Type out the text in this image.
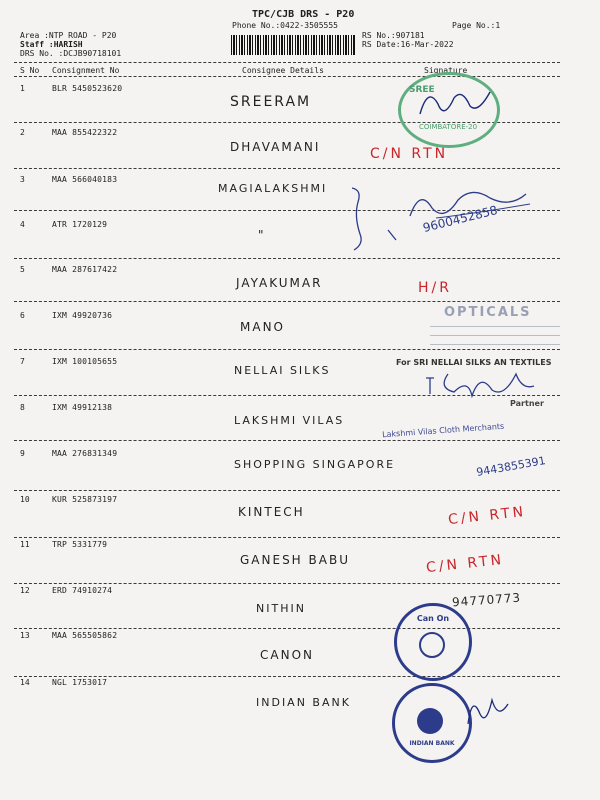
TPC/CJB DRS - P20
Phone No.:0422-3505555	Page No.:1
Area :NTP ROAD - P20
Staff :HARISH
DRS No. :DCJB90718101
RS No.:907181
RS Date:16-Mar-2022
S No Consignment No	Consignee Details	Signature
1	BLR 5450523620
SREERAM
2	MAA 855422322
DHAVAMANI	C/N RTN
3	MAA 566040183
MAGIALAKSHMI
4	ATR 1720129
"	9600452858
5	MAA 287617422
JAYAKUMAR	H/R
6	IXM 49920736
MANO
OPTICALS
7	IXM 100105655
NELLAI SILKS
For SRI NELLAI SILKS AN TEXTILES
Partner
8	IXM 49912138
LAKSHMI VILAS
Lakshmi Vilas Cloth Merchants
9	MAA 276831349
SHOPPING SINGAPORE	9443855391
10	KUR 525873197
KINTECH	C/N RTN
11	TRP 5331779
GANESH BABU	C/N RTN
12	ERD 74910274
NITHIN	94770773
13	MAA 565505862
CANON
14	NGL 1753017
INDIAN BANK
SREE
COIMBATORE-20
Can On
INDIAN BANK
